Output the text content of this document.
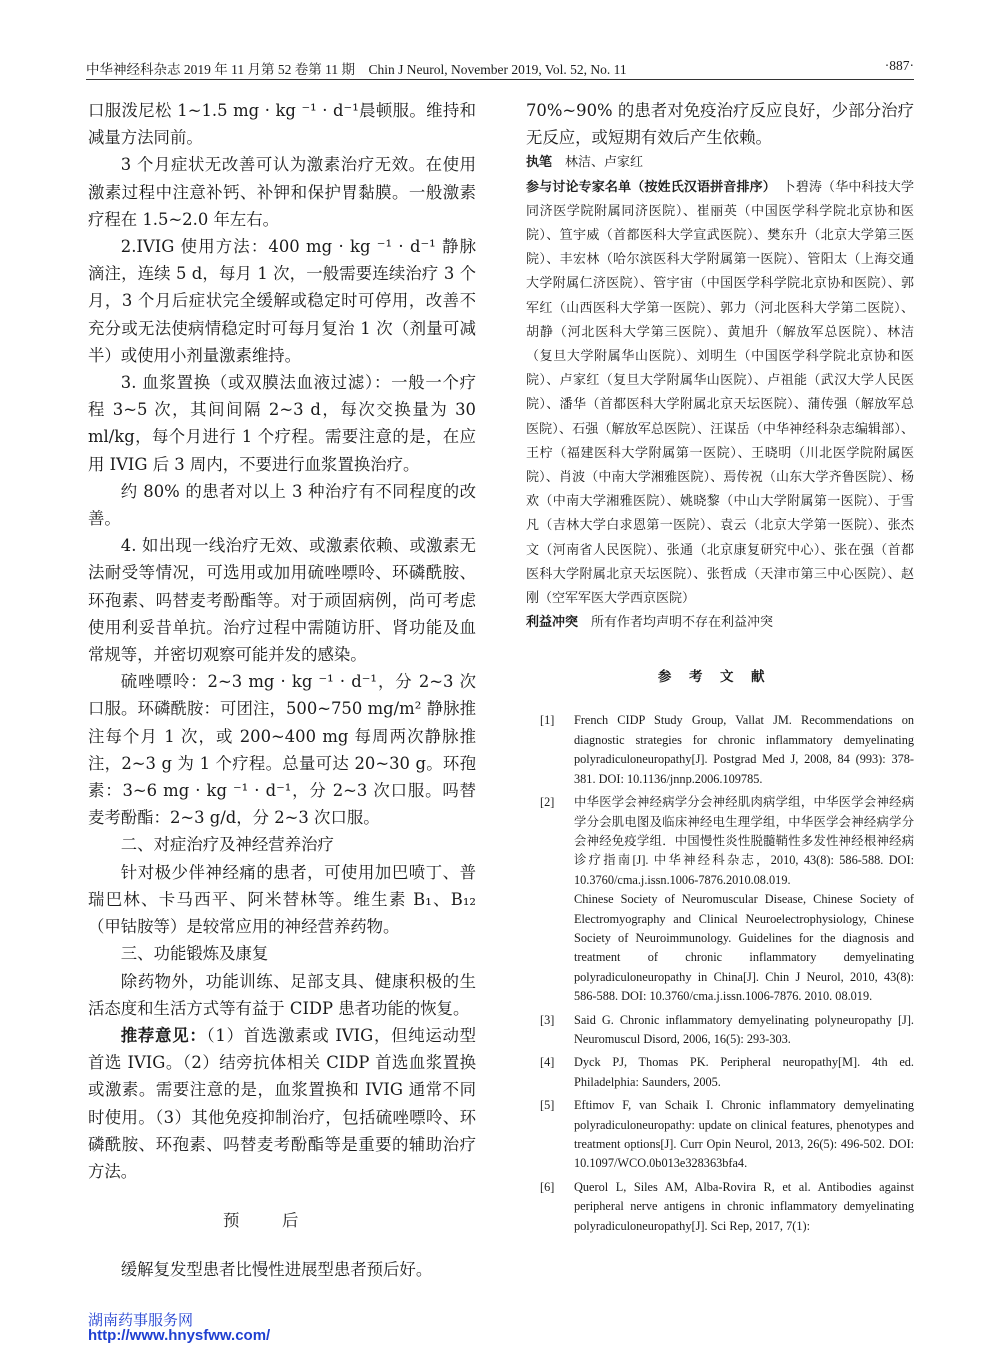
中华神经科杂志 2019 年 11 月第 52 卷第 11 期　Chin J Neurol, November 2019, Vol. 52, No. 11	·887·

口服泼尼松 1~1.5 mg · kg ⁻¹ · d⁻¹晨顿服。维持和减量方法同前。

3 个月症状无改善可认为激素治疗无效。在使用激素过程中注意补钙、补钾和保护胃黏膜。一般激素疗程在 1.5~2.0 年左右。

2.IVIG 使用方法：400 mg · kg ⁻¹ · d⁻¹ 静脉滴注，连续 5 d，每月 1 次，一般需要连续治疗 3 个月，3 个月后症状完全缓解或稳定时可停用，改善不充分或无法使病情稳定时可每月复治 1 次（剂量可减半）或使用小剂量激素维持。

3. 血浆置换（或双膜法血液过滤）：一般一个疗程 3~5 次，其间间隔 2~3 d，每次交换量为 30 ml/kg，每个月进行 1 个疗程。需要注意的是，在应用 IVIG 后 3 周内，不要进行血浆置换治疗。

约 80% 的患者对以上 3 种治疗有不同程度的改善。

4. 如出现一线治疗无效、或激素依赖、或激素无法耐受等情况，可选用或加用硫唑嘌呤、环磷酰胺、环孢素、吗替麦考酚酯等。对于顽固病例，尚可考虑使用利妥昔单抗。治疗过程中需随访肝、肾功能及血常规等，并密切观察可能并发的感染。

硫唑嘌呤：2~3 mg · kg ⁻¹ · d⁻¹，分 2~3 次口服。环磷酰胺：可团注，500~750 mg/m² 静脉推注每个月 1 次，或 200~400 mg 每周两次静脉推注，2~3 g 为 1 个疗程。总量可达 20~30 g。环孢素：3~6 mg · kg ⁻¹ · d⁻¹，分 2~3 次口服。吗替麦考酚酯：2~3 g/d，分 2~3 次口服。

二、对症治疗及神经营养治疗

针对极少伴神经痛的患者，可使用加巴喷丁、普瑞巴林、卡马西平、阿米替林等。维生素 B₁、B₁₂（甲钴胺等）是较常应用的神经营养药物。

三、功能锻炼及康复

除药物外，功能训练、足部支具、健康积极的生活态度和生活方式等有益于 CIDP 患者功能的恢复。

推荐意见：（1）首选激素或 IVIG，但纯运动型首选 IVIG。（2）结旁抗体相关 CIDP 首选血浆置换或激素。需要注意的是，血浆置换和 IVIG 通常不同时使用。（3）其他免疫抑制治疗，包括硫唑嘌呤、环磷酰胺、环孢素、吗替麦考酚酯等是重要的辅助治疗方法。

预后

缓解复发型患者比慢性进展型患者预后好。

70%~90% 的患者对免疫治疗反应良好，少部分治疗无反应，或短期有效后产生依赖。

执笔　 林洁、卢家红

参与讨论专家名单（按姓氏汉语拼音排序）　 卜碧涛（华中科技大学同济医学院附属同济医院）、崔丽英（中国医学科学院北京协和医院）、笪宇威（首都医科大学宣武医院）、樊东升（北京大学第三医院）、丰宏林（哈尔滨医科大学附属第一医院）、管阳太（上海交通大学附属仁济医院）、管宇宙（中国医学科学院北京协和医院）、郭军红（山西医科大学第一医院）、郭力（河北医科大学第二医院）、胡静（河北医科大学第三医院）、黄旭升（解放军总医院）、林洁（复旦大学附属华山医院）、刘明生（中国医学科学院北京协和医院）、卢家红（复旦大学附属华山医院）、卢祖能（武汉大学人民医院）、潘华（首都医科大学附属北京天坛医院）、蒲传强（解放军总医院）、石强（解放军总医院）、汪谋岳（中华神经科杂志编辑部）、王柠（福建医科大学附属第一医院）、王晓明（川北医学院附属医院）、肖波（中南大学湘雅医院）、焉传祝（山东大学齐鲁医院）、杨欢（中南大学湘雅医院）、姚晓黎（中山大学附属第一医院）、于雪凡（吉林大学白求恩第一医院）、袁云（北京大学第一医院）、张杰文（河南省人民医院）、张通（北京康复研究中心）、张在强（首都医科大学附属北京天坛医院）、张哲成（天津市第三中心医院）、赵刚（空军军医大学西京医院）

利益冲突　 所有作者均声明不存在利益冲突

参考文献

[1] French CIDP Study Group, Vallat JM. Recommendations on diagnostic strategies for chronic inflammatory demyelinating polyradiculoneuropathy[J]. Postgrad Med J, 2008, 84 (993): 378-381. DOI: 10.1136/jnnp.2006.109785.

[2] 中华医学会神经病学分会神经肌肉病学组，中华医学会神经病学分会肌电图及临床神经电生理学组，中华医学会神经病学分会神经免疫学组．中国慢性炎性脱髓鞘性多发性神经根神经病诊疗指南[J]. 中华神经科杂志，2010, 43(8): 586-588. DOI: 10.3760/cma.j.issn.1006-7876.2010.08.019.

Chinese Society of Neuromuscular Disease, Chinese Society of Electromyography and Clinical Neuroelectrophysiology, Chinese Society of Neuroimmunology. Guidelines for the diagnosis and treatment of chronic inflammatory demyelinating polyradiculoneuropathy in China[J]. Chin J Neurol, 2010, 43(8): 586-588. DOI: 10.3760/cma.j.issn.1006-7876. 2010. 08.019.

[3] Said G. Chronic inflammatory demyelinating polyneuropathy [J]. Neuromuscul Disord, 2006, 16(5): 293-303.

[4] Dyck PJ, Thomas PK. Peripheral neuropathy[M]. 4th ed. Philadelphia: Saunders, 2005.

[5] Eftimov F, van Schaik I. Chronic inflammatory demyelinating polyradiculoneuropathy: update on clinical features, phenotypes and treatment options[J]. Curr Opin Neurol, 2013, 26(5): 496-502. DOI: 10.1097/WCO.0b013e328363bfa4.

[6] Querol L, Siles AM, Alba-Rovira R, et al. Antibodies against peripheral nerve antigens in chronic inflammatory demyelinating polyradiculoneuropathy[J]. Sci Rep, 2017, 7(1):

湖南药事服务网
http://www.hnysfww.com/
